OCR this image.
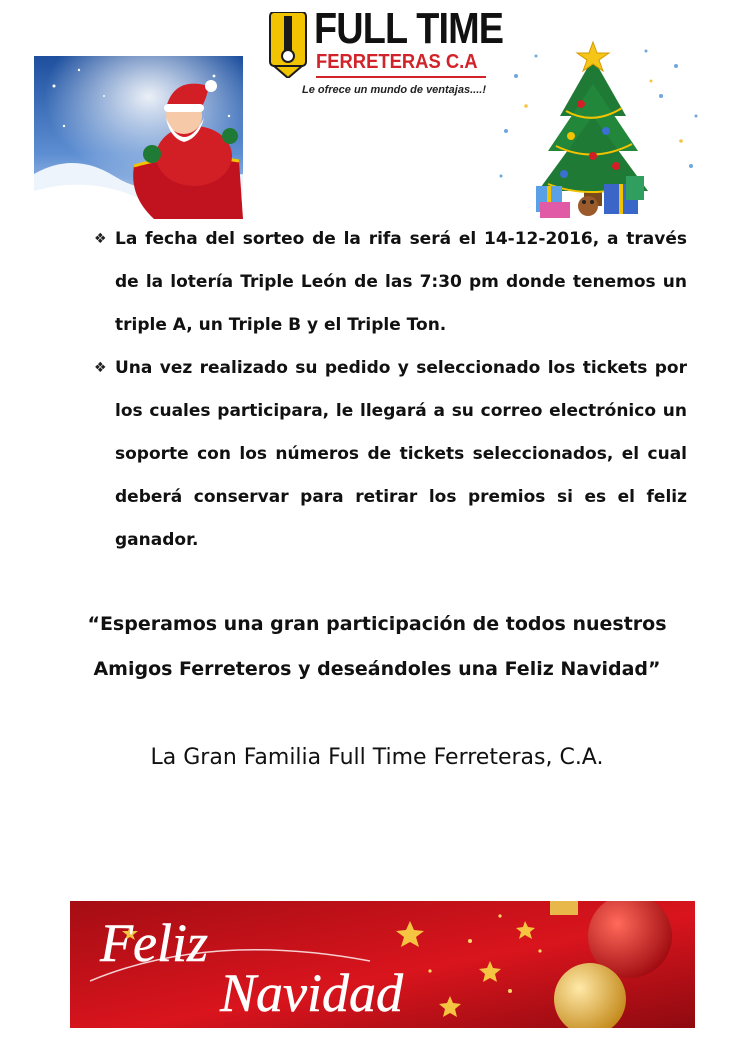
FULL TIME
FERRETERAS C.A
Le ofrece un mundo de ventajas....!
❖ La fecha del sorteo de la rifa será el 14-12-2016, a través de la lotería Triple León de las 7:30 pm donde tenemos un triple A, un Triple B y el Triple Ton.
❖ Una vez realizado su pedido y seleccionado los tickets por los cuales participara, le llegará a su correo electrónico un soporte con los números de tickets seleccionados, el cual deberá conservar para retirar los premios si es el feliz ganador.
“Esperamos una gran participación de todos nuestros
Amigos Ferreteros y deseándoles una Feliz Navidad”
La Gran Familia Full Time Ferreteras, C.A.
Feliz
Navidad
